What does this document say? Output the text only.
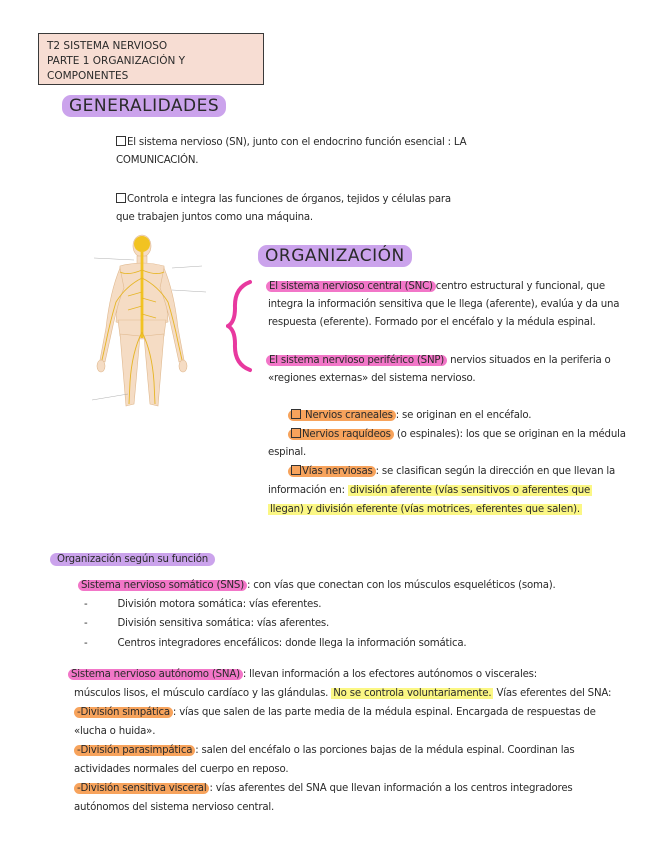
T2 SISTEMA NERVIOSO
PARTE 1 ORGANIZACIÓN Y COMPONENTES
GENERALIDADES
El sistema nervioso (SN), junto con el endocrino función esencial : LA
COMUNICACIÓN.
Controla e integra las funciones de órganos, tejidos y células para
que trabajen juntos como una máquina.
ORGANIZACIÓN
El sistema nervioso central (SNC) centro estructural y funcional, que
integra la información sensitiva que le llega (aferente), evalúa y da una
respuesta (eferente). Formado por el encéfalo y la médula espinal.
El sistema nervioso periférico (SNP) nervios situados en la periferia o
«regiones externas» del sistema nervioso.
Nervios craneales : se originan en el encéfalo.
Nervios raquídeos (o espinales): los que se originan en la médula
espinal.
Vías nerviosas : se clasifican según la dirección en que llevan la
información en: división aferente (vías sensitivos o aferentes que
llegan) y división eferente (vías motrices, eferentes que salen).
Organización según su función
Sistema nervioso somático (SNS) : con vías que conectan con los músculos esqueléticos (soma).
-	División motora somática: vías eferentes.
-	División sensitiva somática: vías aferentes.
-	Centros integradores encefálicos: donde llega la información somática.
Sistema nervioso autónomo (SNA) : llevan información a los efectores autónomos o viscerales:
músculos lisos, el músculo cardíaco y las glándulas. No se controla voluntariamente. Vías eferentes del SNA:
-División simpática : vías que salen de las parte media de la médula espinal. Encargada de respuestas de
«lucha o huida».
-División parasimpática : salen del encéfalo o las porciones bajas de la médula espinal. Coordinan las
actividades normales del cuerpo en reposo.
-División sensitiva visceral : vías aferentes del SNA que llevan información a los centros integradores
autónomos del sistema nervioso central.
